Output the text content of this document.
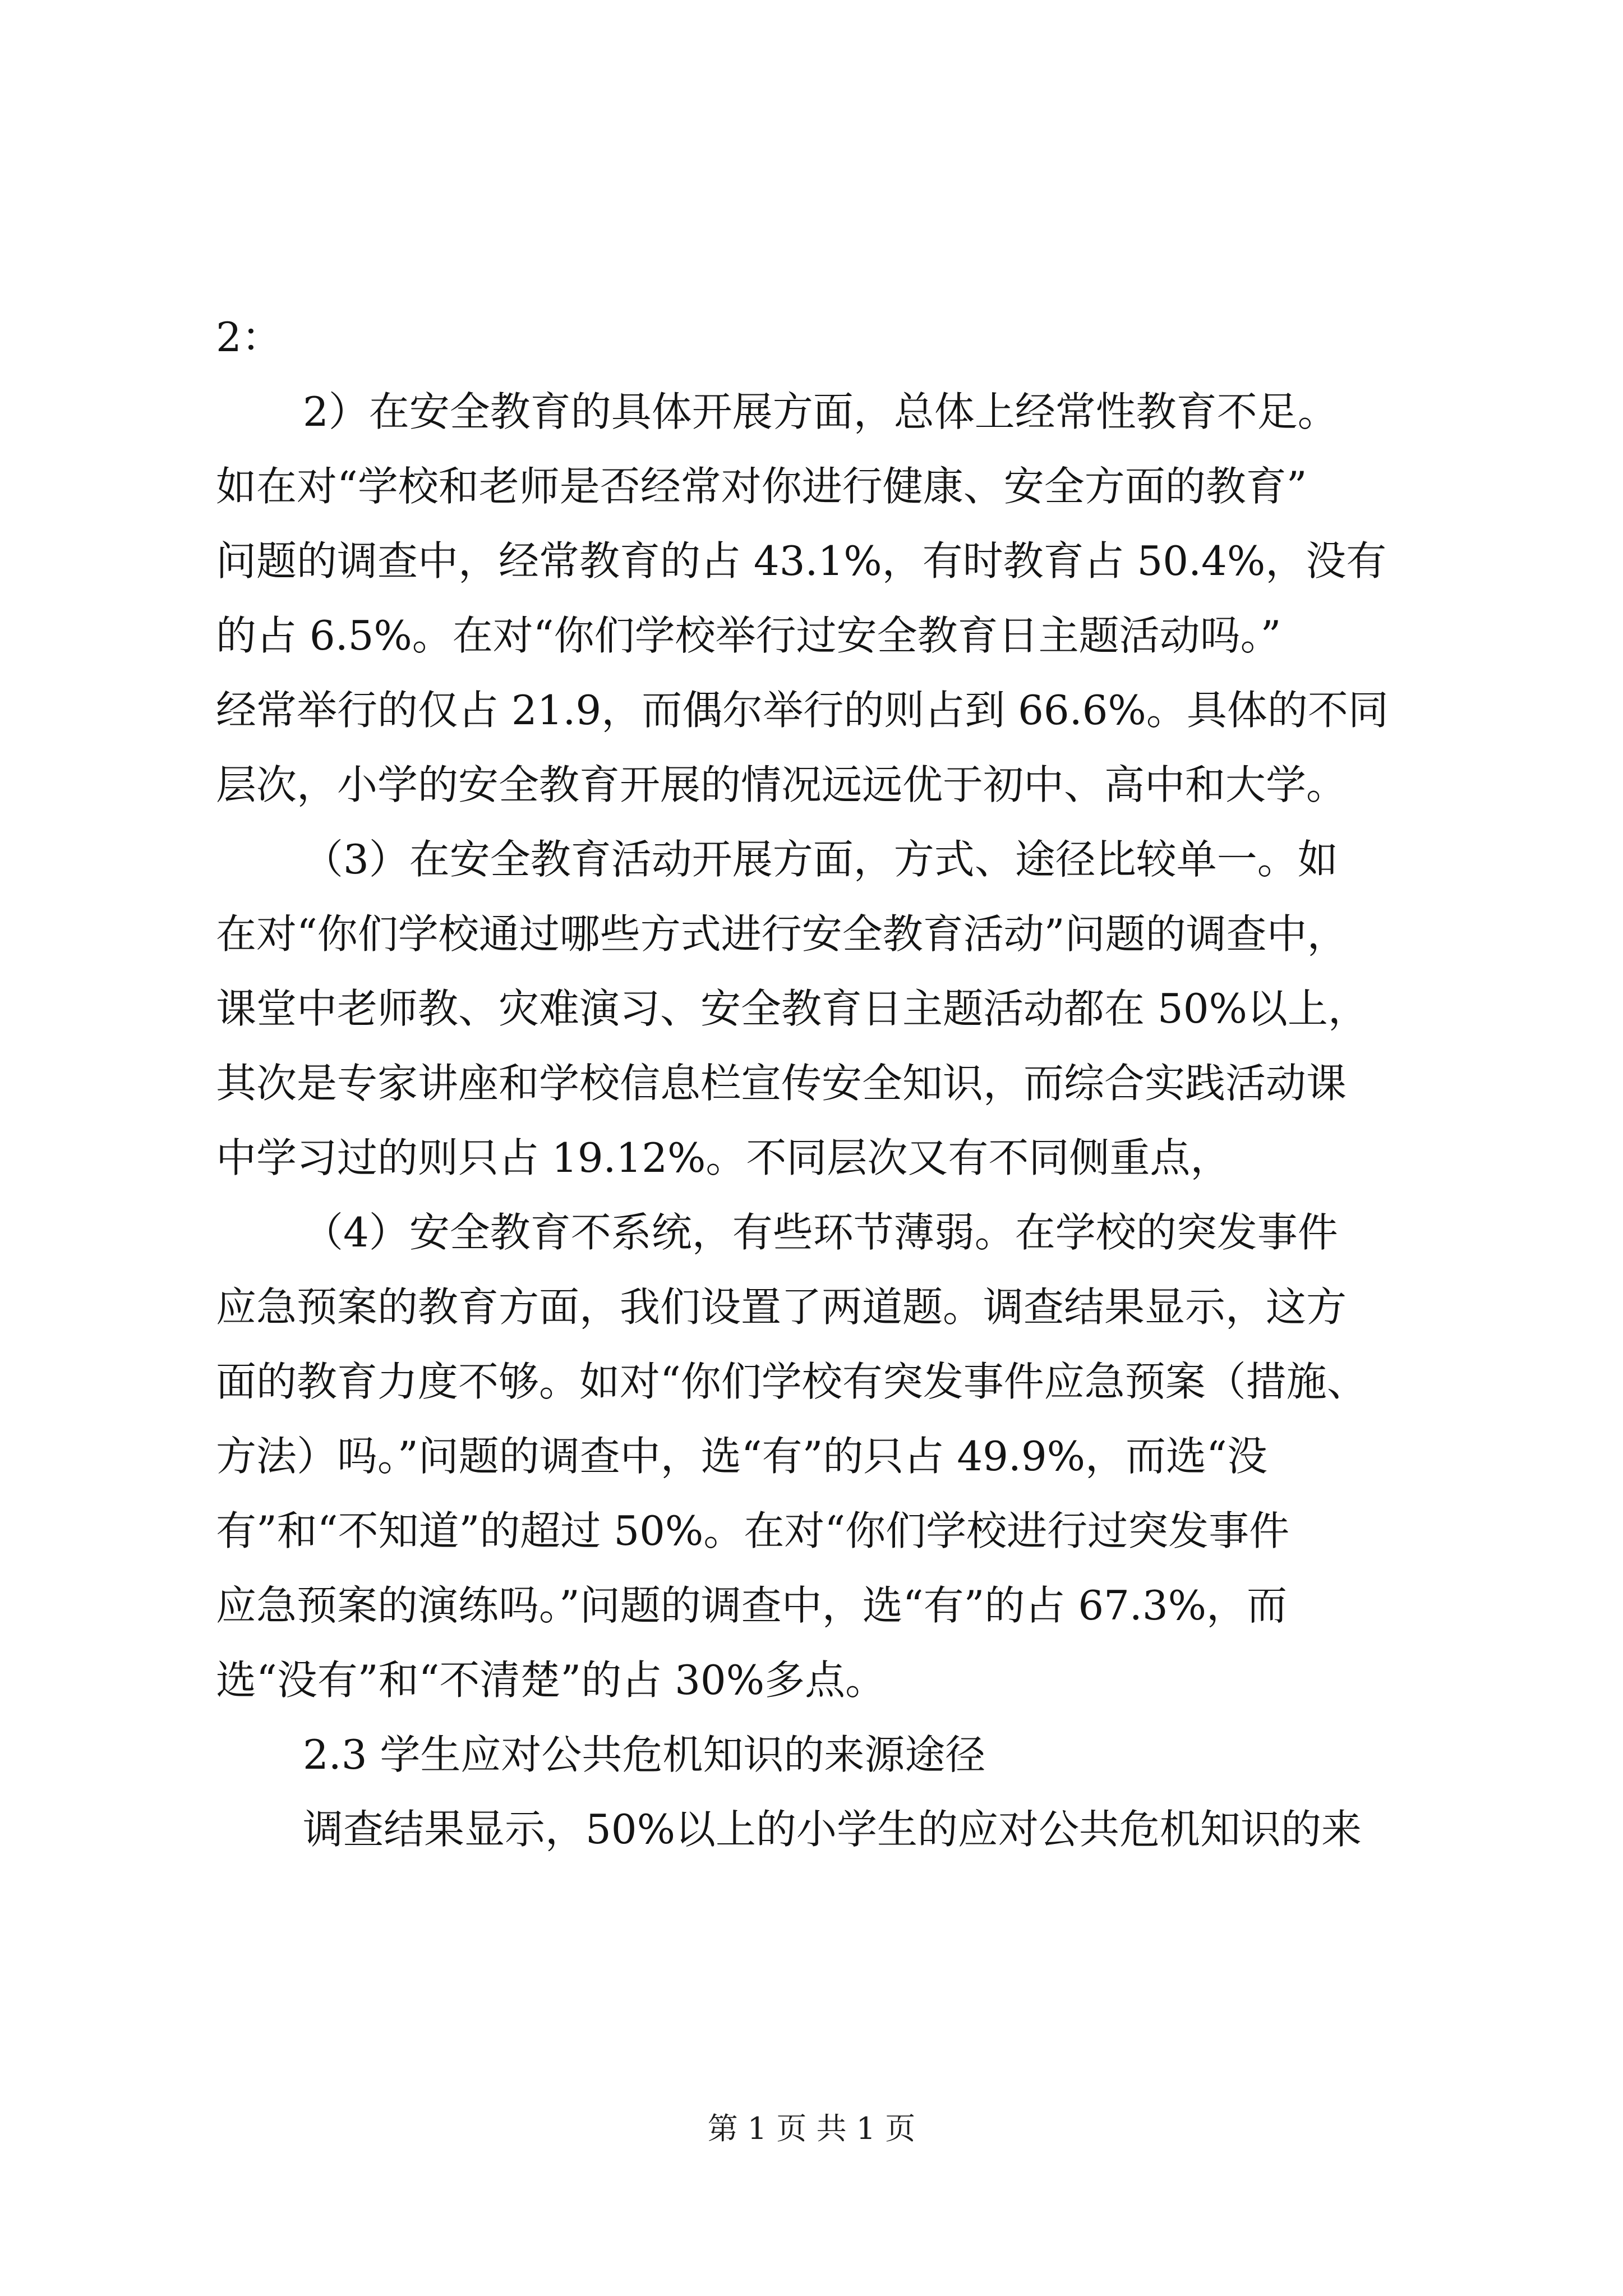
2：
2）在安全教育的具体开展方面，总体上经常性教育不足。
如在对“学校和老师是否经常对你进行健康、安全方面的教育”
问题的调查中，经常教育的占 43.1%，有时教育占 50.4%，没有
的占 6.5%。在对“你们学校举行过安全教育日主题活动吗。”
经常举行的仅占 21.9，而偶尔举行的则占到 66.6%。具体的不同
层次，小学的安全教育开展的情况远远优于初中、高中和大学。
（3）在安全教育活动开展方面，方式、途径比较单一。如
在对“你们学校通过哪些方式进行安全教育活动”问题的调查中，
课堂中老师教、灾难演习、安全教育日主题活动都在 50%以上，
其次是专家讲座和学校信息栏宣传安全知识，而综合实践活动课
中学习过的则只占 19.12%。不同层次又有不同侧重点，
（4）安全教育不系统，有些环节薄弱。在学校的突发事件
应急预案的教育方面，我们设置了两道题。调查结果显示，这方
面的教育力度不够。如对“你们学校有突发事件应急预案（措施、
方法）吗。”问题的调查中，选“有”的只占 49.9%，而选“没
有”和“不知道”的超过 50%。在对“你们学校进行过突发事件
应急预案的演练吗。”问题的调查中，选“有”的占 67.3%，而
选“没有”和“不清楚”的占 30%多点。
2.3 学生应对公共危机知识的来源途径
调查结果显示，50%以上的小学生的应对公共危机知识的来
第 1 页 共 1 页
